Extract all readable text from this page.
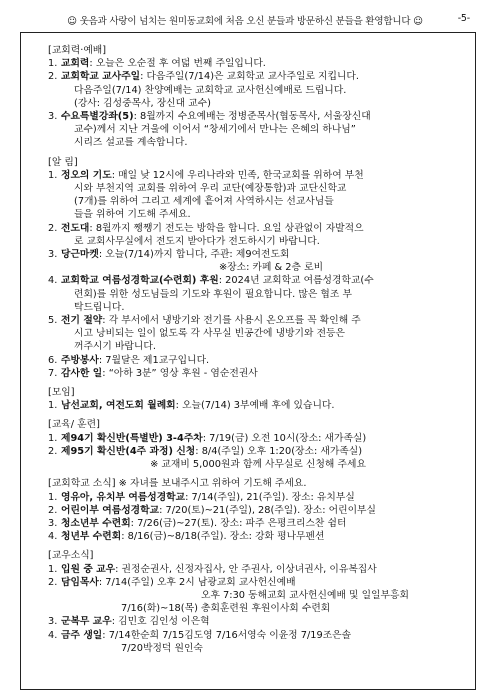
☺ 웃음과 사랑이 넘치는 원미동교회에 처음 오신 분들과 방문하신 분들을 환영합니다 ☺	-5-
[교회력·예배]
1. 교회력: 오늘은 오순절 후 여덟 번째 주일입니다.
2. 교회학교 교사주일: 다음주일(7/14)은 교회학교 교사주일로 지킵니다.
다음주일(7/14) 찬양예배는 교회학교 교사헌신예배로 드립니다.
(강사: 김성중목사, 장신대 교수)
3. 수요특별강좌(5): 8월까지 수요예배는 정병준목사(협동목사, 서울장신대
교수)께서 지난 겨울에 이어서 “창세기에서 만나는 은혜의 하나님”
시리즈 설교를 계속합니다.
[알 림]
1. 정오의 기도: 매일 낮 12시에 우리나라와 민족, 한국교회를 위하여 부천
시와 부천지역 교회를 위하여 우리 교단(예장통합)과 교단신학교
(7개)를 위하여 그리고 세계에 흩어져 사역하시는 선교사님들
들을 위하여 기도해 주세요.
2. 전도대: 8월까지 쨍쨍기 전도는 방학을 합니다. 요일 상관없이 자발적으
로 교회사무실에서 전도지 받아다가 전도하시기 바랍니다.
3. 당근마켓: 오늘(7/14)까지 합니다, 주관: 제9여전도회
※장소: 카페 & 2층 로비
4. 교회학교 여름성경학교(수련회) 후원: 2024년 교회학교 여름성경학교(수
련회)를 위한 성도님들의 기도와 후원이 필요합니다. 많은 협조 부
탁드립니다.
5. 전기 절약: 각 부서에서 냉방기와 전기를 사용시 온오프를 꼭 확인해 주
시고 낭비되는 일이 없도록 각 사무실 빈공간에 냉방기와 전등은
꺼주시기 바랍니다.
6. 주방봉사: 7월달은 제1교구입니다.
7. 감사한 일: “아하 3분” 영상 후원 - 염순전권사
[모임]
1. 남선교회, 여전도회 월례회: 오늘(7/14) 3부예배 후에 있습니다.
[교육/ 훈련]
1. 제94기 확신반(특별반) 3-4주차: 7/19(금) 오전 10시(장소: 새가족실)
2. 제95기 확신반(4주 과정) 신청: 8/4(주일) 오후 1:20(장소: 새가족실)
※ 교재비 5,000원과 함께 사무실로 신청해 주세요
[교회학교 소식] ※ 자녀를 보내주시고 위하여 기도해 주세요.
1. 영유아, 유치부 여름성경학교: 7/14(주일), 21(주일). 장소: 유치부실
2. 어린이부 여름성경학교: 7/20(토)~21(주일), 28(주일). 장소: 어린이부실
3. 청소년부 수련회: 7/26(금)~27(토). 장소: 파주 은평크리스찬 쉼터
4. 청년부 수련회: 8/16(금)~8/18(주일). 장소: 강화 평나무펜션
[교우소식]
1. 입원 중 교우: 권정순권사, 신정자집사, 안 주권사, 이상녀권사, 이유복집사
2. 담임목사: 7/14(주일) 오후 2시 남광교회 교사헌신예배
오후 7:30 동해교회 교사헌신예배 및 일일부흥회
7/16(화)~18(목) 총회훈련원 후원이사회 수련회
3. 군복무 교우: 김민호 김인성 이은혁
4. 금주 생일: 7/14한순희 7/15김도영 7/16서영숙 이윤정 7/19조은솔
7/20박정덕 원인숙
